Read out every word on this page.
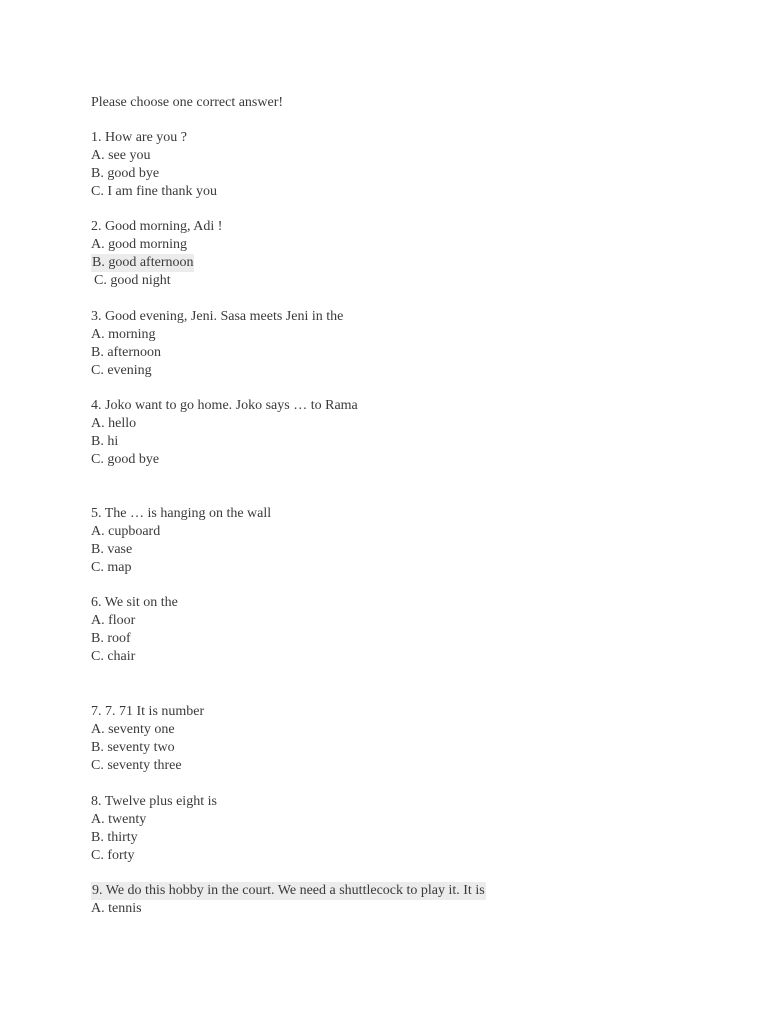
Please choose one correct answer!
1. How are you ?
A. see you
B. good bye
C. I am fine thank you
2. Good morning, Adi !
A. good morning
B. good afternoon
C. good night
3. Good evening, Jeni. Sasa meets Jeni in the
A. morning
B. afternoon
C. evening
4. Joko want to go home. Joko says … to Rama
A. hello
B. hi
C. good bye
5. The … is hanging on the wall
A. cupboard
B. vase
C. map
6. We sit on the
A. floor
B. roof
C. chair
7. 7. 71 It is number
A. seventy one
B. seventy two
C. seventy three
8. Twelve plus eight is
A. twenty
B. thirty
C. forty
9. We do this hobby in the court. We need a shuttlecock to play it. It is
A. tennis
